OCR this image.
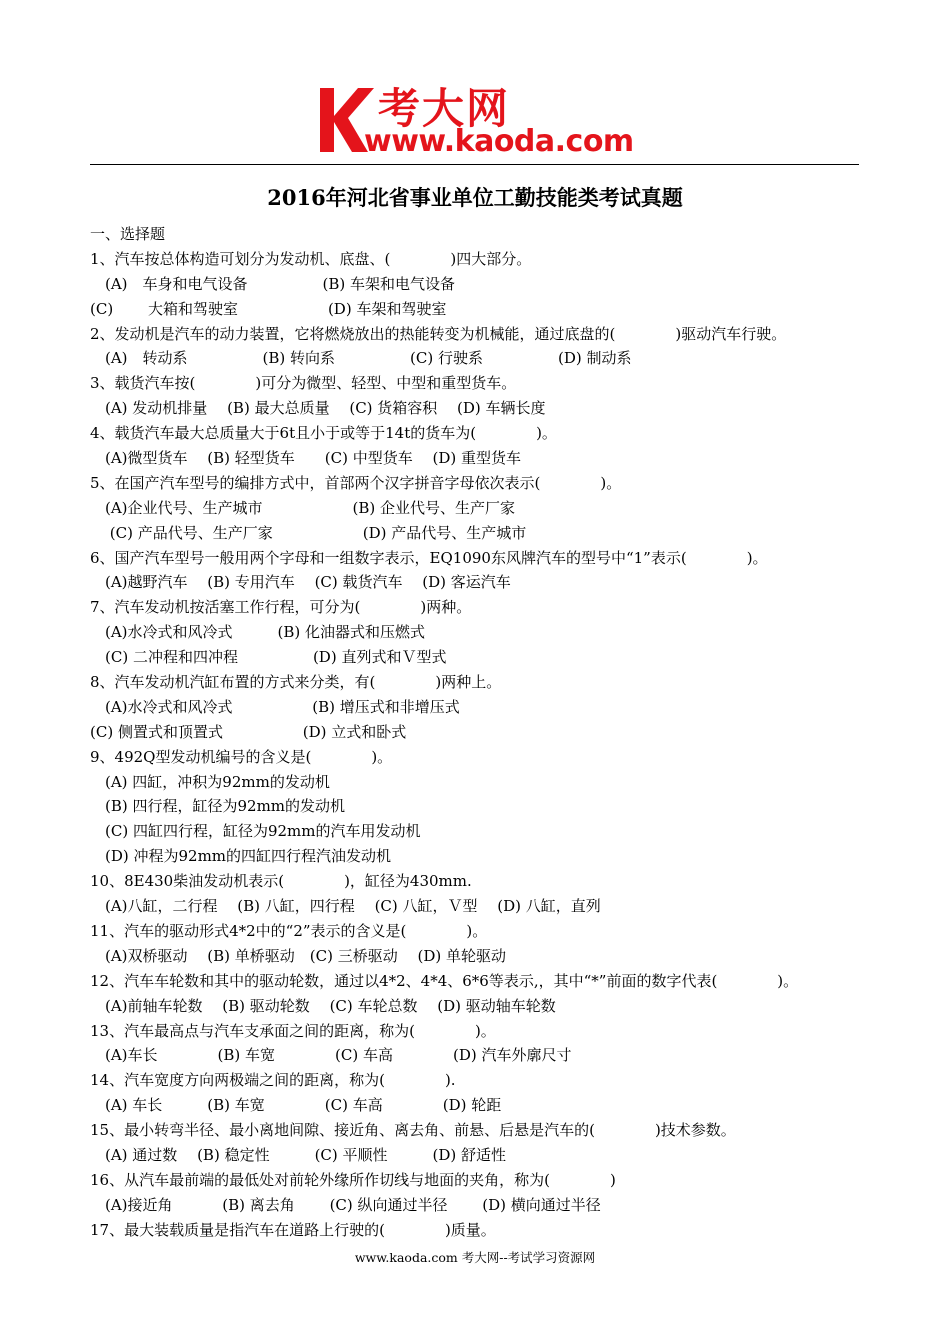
考大网
www.kaoda.com
2016年河北省事业单位工勤技能类考试真题
一、选择题
1、汽车按总体构造可划分为发动机、底盘、(　　　　)四大部分。
　(A)　车身和电气设备　　　　　(B) 车架和电气设备
(C)　　 大箱和驾驶室　　　　　　(D) 车架和驾驶室
2、发动机是汽车的动力装置，它将燃烧放出的热能转变为机械能，通过底盘的(　　　　)驱动汽车行驶。
　(A)　转动系　　　　　(B) 转向系　　　　　(C) 行驶系　　　　　(D) 制动系
3、载货汽车按(　　　　)可分为微型、轻型、中型和重型货车。
　(A) 发动机排量　 (B) 最大总质量　 (C) 货箱容积　 (D) 车辆长度
4、载货汽车最大总质量大于6t且小于或等于14t的货车为(　　　　)。
　(A)微型货车　 (B) 轻型货车　　(C) 中型货车　 (D) 重型货车
5、在国产汽车型号的编排方式中，首部两个汉字拼音字母依次表示(　　　　)。
　(A)企业代号、生产城市　　　　　　(B) 企业代号、生产厂家
　 (C) 产品代号、生产厂家　　　　　　(D) 产品代号、生产城市
6、国产汽车型号一般用两个字母和一组数字表示，EQ1090东风牌汽车的型号中“1”表示(　　　　)。
　(A)越野汽车　 (B) 专用汽车　 (C) 载货汽车　 (D) 客运汽车
7、汽车发动机按活塞工作行程，可分为(　　　　)两种。
　(A)水冷式和风冷式　　　(B) 化油器式和压燃式
　(C) 二冲程和四冲程　　　　　(D) 直列式和Ｖ型式
8、汽车发动机汽缸布置的方式来分类，有(　　　　)两种上。
　(A)水冷式和风冷式　　　　　 (B) 增压式和非增压式
(C) 侧置式和顶置式　　　　　 (D) 立式和卧式
9、492Q型发动机编号的含义是(　　　　)。
　(A) 四缸，冲积为92mm的发动机
　(B) 四行程，缸径为92mm的发动机
　(C) 四缸四行程，缸径为92mm的汽车用发动机
　(D) 冲程为92mm的四缸四行程汽油发动机
10、8E430柴油发动机表示(　　　　)，缸径为430mm.
　(A)八缸，二行程　 (B) 八缸，四行程　 (C) 八缸，Ｖ型　 (D) 八缸，直列
11、汽车的驱动形式4*2中的“2”表示的含义是(　　　　)。
　(A)双桥驱动　 (B) 单桥驱动　(C) 三桥驱动　 (D) 单轮驱动
12、汽车车轮数和其中的驱动轮数，通过以4*2、4*4、6*6等表示,，其中“*”前面的数字代表(　　　　)。
　(A)前轴车轮数　 (B) 驱动轮数　 (C) 车轮总数　 (D) 驱动轴车轮数
13、汽车最高点与汽车支承面之间的距离，称为(　　　　)。
　(A)车长　　　　(B) 车宽　　　　(C) 车高　　　　(D) 汽车外廓尺寸
14、汽车宽度方向两极端之间的距离，称为(　　　　).
　(A) 车长　　　(B) 车宽　　　　(C) 车高　　　　(D) 轮距
15、最小转弯半径、最小离地间隙、接近角、离去角、前悬、后悬是汽车的(　　　　)技术参数。
　(A) 通过数　 (B) 稳定性　　　(C) 平顺性　　　(D) 舒适性
16、从汽车最前端的最低处对前轮外缘所作切线与地面的夹角，称为(　　　　)
　(A)接近角　　　 (B) 离去角　　 (C) 纵向通过半径　　 (D) 横向通过半径
17、最大装载质量是指汽车在道路上行驶的(　　　　)质量。
www.kaoda.com 考大网--考试学习资源网
